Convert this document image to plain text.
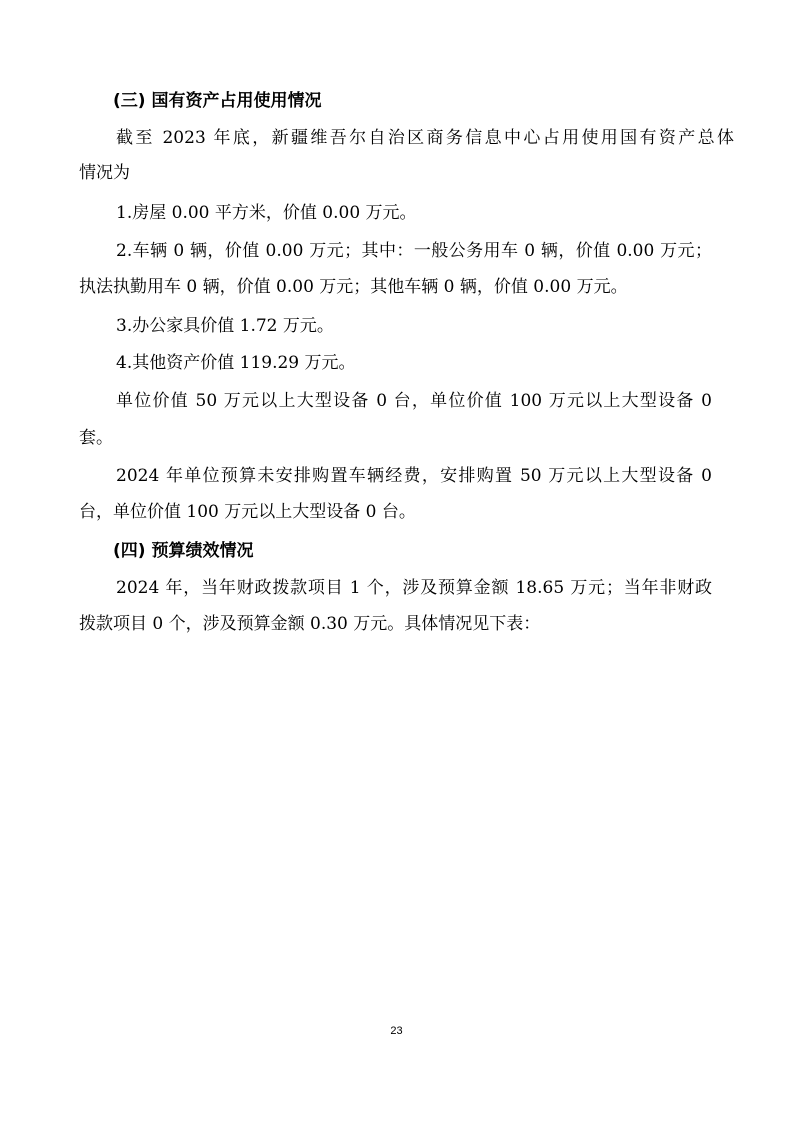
(三) 国有资产占用使用情况
截至 2023 年底，新疆维吾尔自治区商务信息中心占用使用国有资产总体
情况为
1.房屋 0.00 平方米，价值 0.00 万元。
2.车辆 0 辆，价值 0.00 万元；其中：一般公务用车 0 辆，价值 0.00 万元；
执法执勤用车 0 辆，价值 0.00 万元；其他车辆 0 辆，价值 0.00 万元。
3.办公家具价值 1.72 万元。
4.其他资产价值 119.29 万元。
单位价值 50 万元以上大型设备 0 台，单位价值 100 万元以上大型设备 0
套。
2024 年单位预算未安排购置车辆经费，安排购置 50 万元以上大型设备 0
台，单位价值 100 万元以上大型设备 0 台。
(四) 预算绩效情况
2024 年，当年财政拨款项目 1 个，涉及预算金额 18.65 万元；当年非财政
拨款项目 0 个，涉及预算金额 0.30 万元。具体情况见下表：
23
